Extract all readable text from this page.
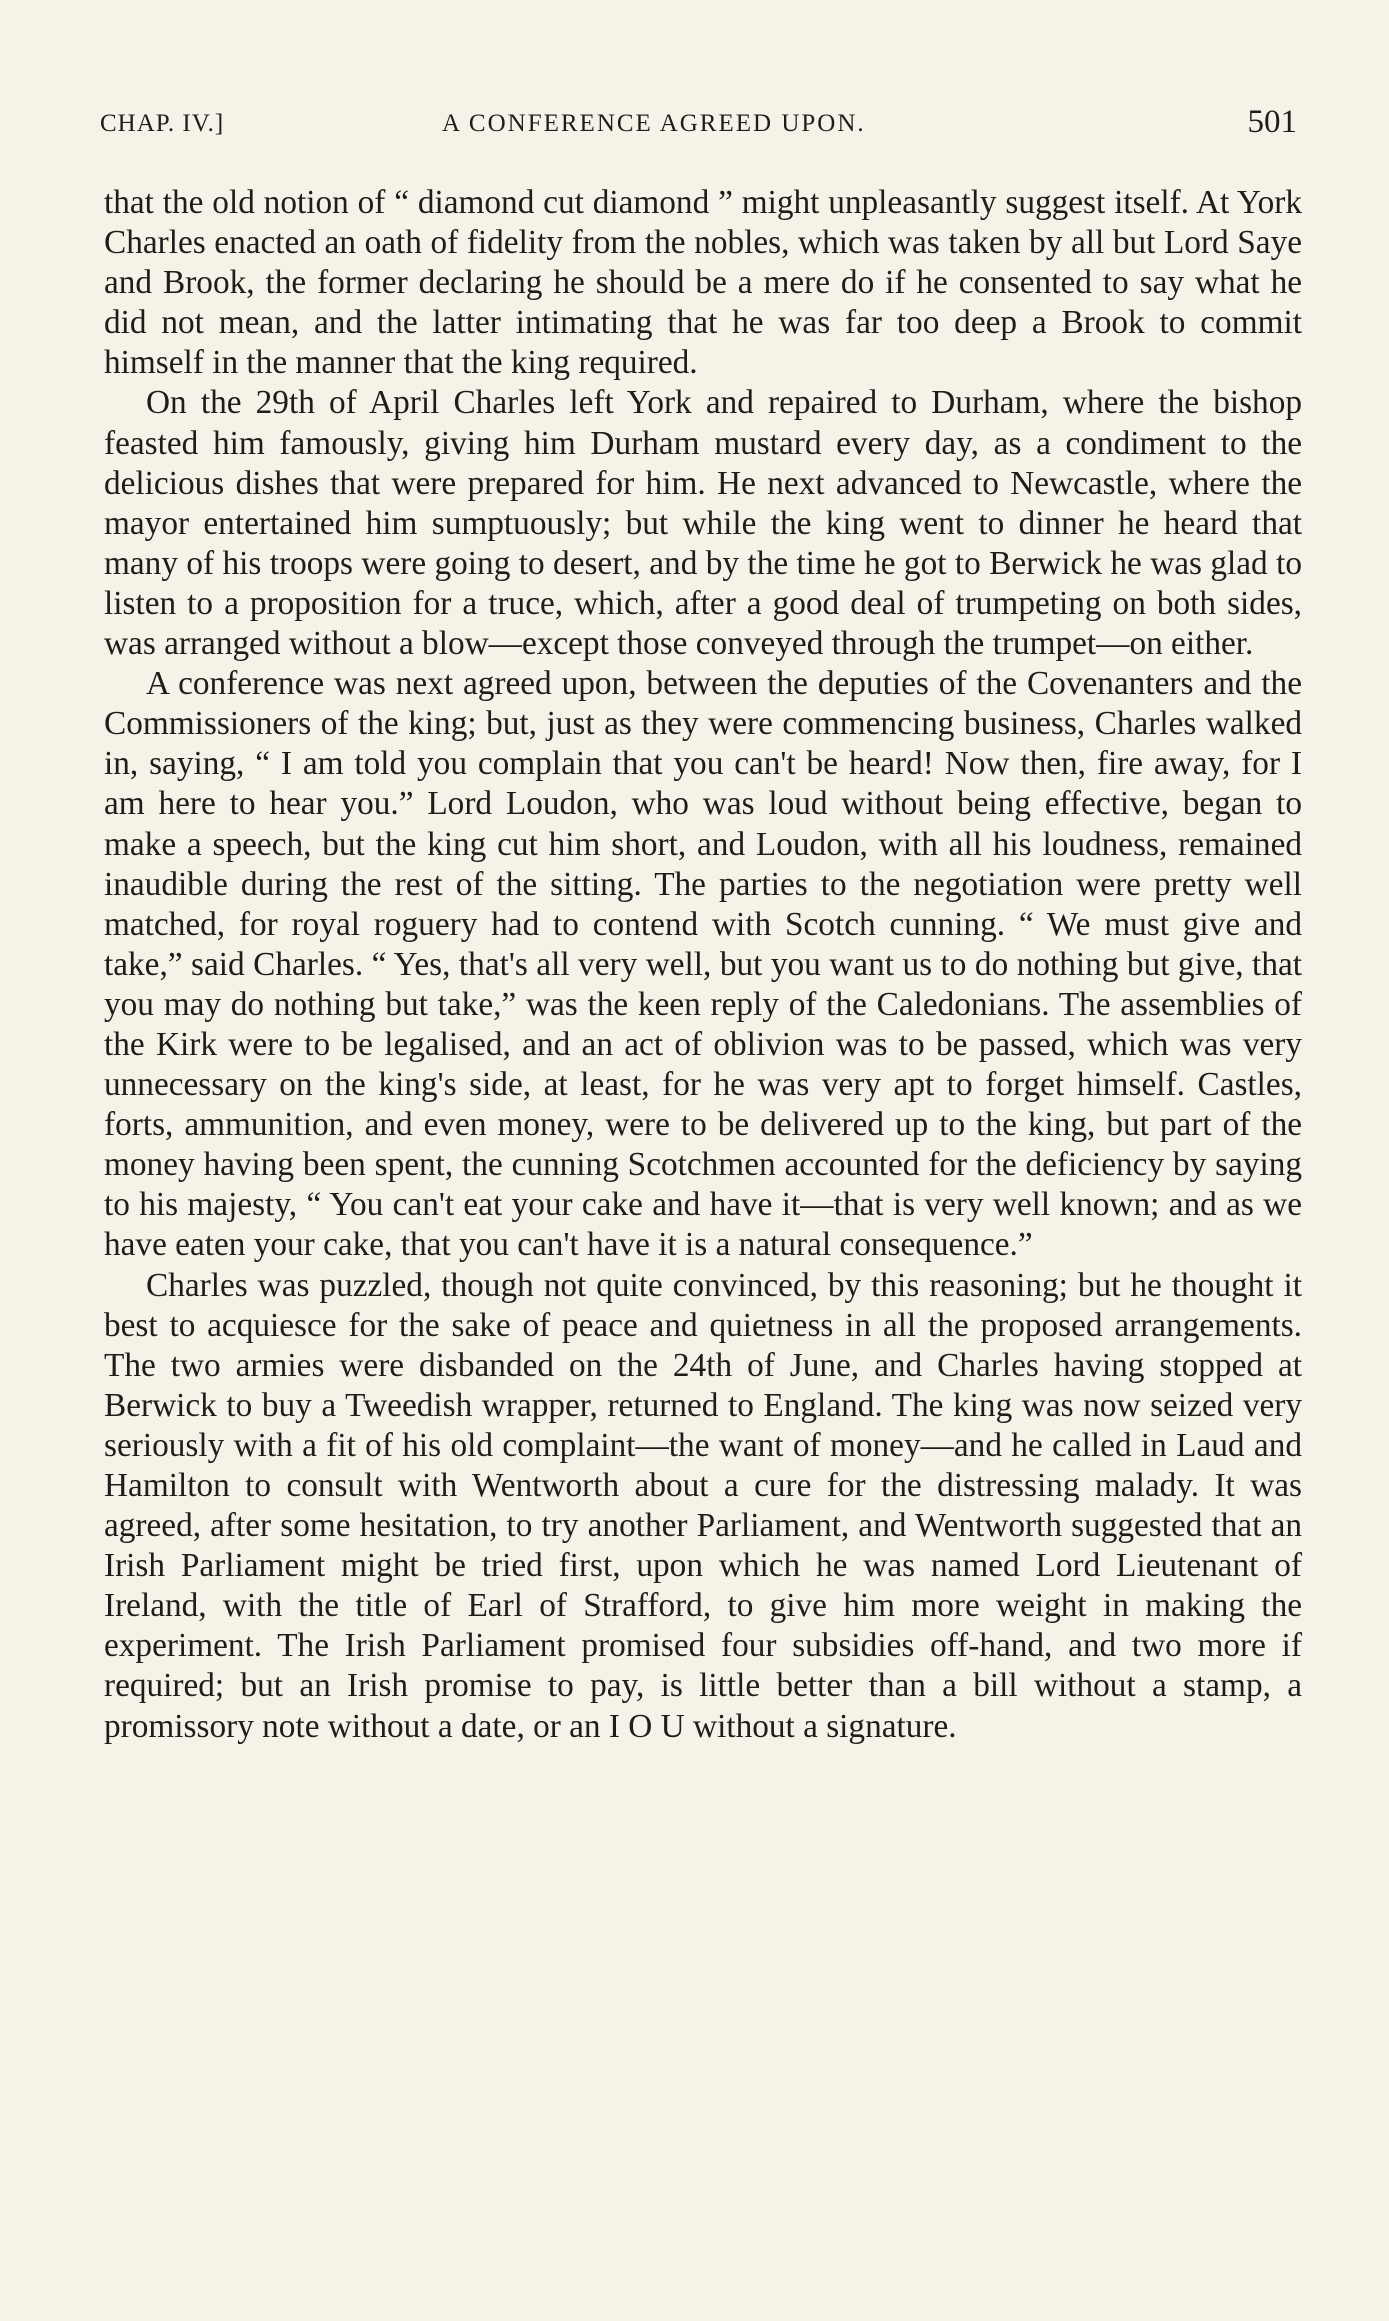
CHAP. IV.]	A CONFERENCE AGREED UPON.	501

that the old notion of “ diamond cut diamond ” might unpleasantly suggest itself. At York Charles enacted an oath of fidelity from the nobles, which was taken by all but Lord Saye and Brook, the former declaring he should be a mere do if he consented to say what he did not mean, and the latter intimating that he was far too deep a Brook to commit himself in the manner that the king required.

On the 29th of April Charles left York and repaired to Durham, where the bishop feasted him famously, giving him Durham mustard every day, as a condiment to the delicious dishes that were prepared for him. He next advanced to Newcastle, where the mayor entertained him sumptuously; but while the king went to dinner he heard that many of his troops were going to desert, and by the time he got to Berwick he was glad to listen to a proposition for a truce, which, after a good deal of trumpeting on both sides, was arranged without a blow—except those conveyed through the trumpet—on either.

A conference was next agreed upon, between the deputies of the Covenanters and the Commissioners of the king; but, just as they were commencing business, Charles walked in, saying, “ I am told you complain that you can't be heard! Now then, fire away, for I am here to hear you.” Lord Loudon, who was loud without being effective, began to make a speech, but the king cut him short, and Loudon, with all his loudness, remained inaudible during the rest of the sitting. The parties to the negotiation were pretty well matched, for royal roguery had to contend with Scotch cunning. “ We must give and take,” said Charles. “ Yes, that's all very well, but you want us to do nothing but give, that you may do nothing but take,” was the keen reply of the Caledonians. The assemblies of the Kirk were to be legalised, and an act of oblivion was to be passed, which was very unnecessary on the king's side, at least, for he was very apt to forget himself. Castles, forts, ammunition, and even money, were to be delivered up to the king, but part of the money having been spent, the cunning Scotchmen accounted for the deficiency by saying to his majesty, “ You can't eat your cake and have it—that is very well known; and as we have eaten your cake, that you can't have it is a natural consequence.”

Charles was puzzled, though not quite convinced, by this reasoning; but he thought it best to acquiesce for the sake of peace and quietness in all the proposed arrangements. The two armies were disbanded on the 24th of June, and Charles having stopped at Berwick to buy a Tweedish wrapper, returned to England. The king was now seized very seriously with a fit of his old complaint—the want of money—and he called in Laud and Hamilton to consult with Wentworth about a cure for the distressing malady. It was agreed, after some hesitation, to try another Parliament, and Wentworth suggested that an Irish Parliament might be tried first, upon which he was named Lord Lieutenant of Ireland, with the title of Earl of Strafford, to give him more weight in making the experiment. The Irish Parliament promised four subsidies off-hand, and two more if required; but an Irish promise to pay, is little better than a bill without a stamp, a promissory note without a date, or an I O U without a signature.
